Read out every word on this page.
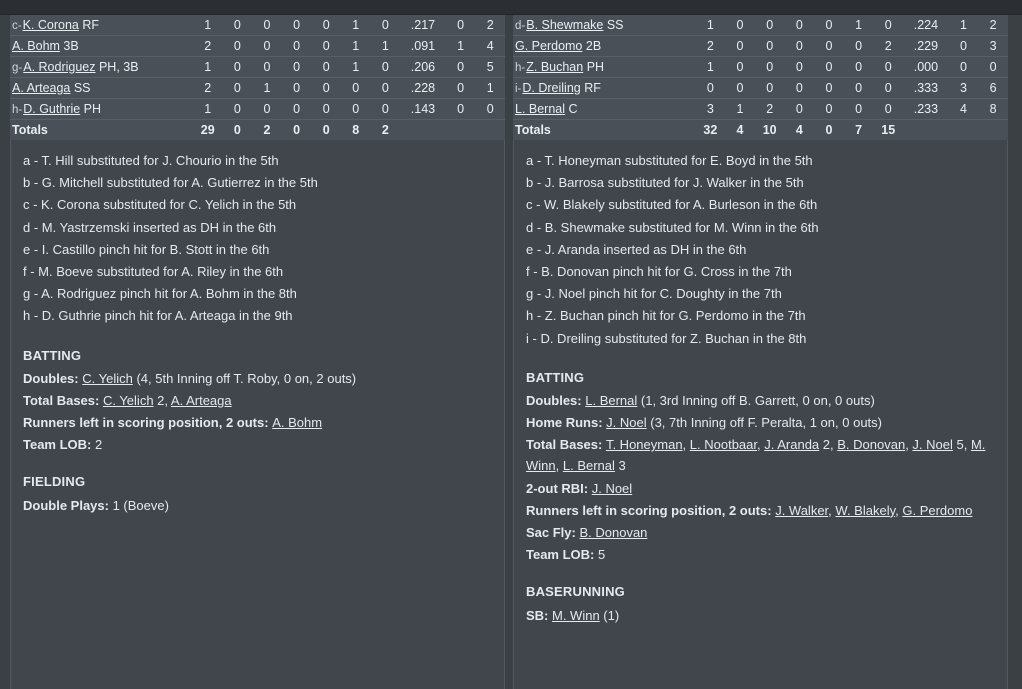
c-K. Corona RF	1	0	0	0	0	1	0	.217	0	2
A. Bohm 3B	2	0	0	0	0	1	1	.091	1	4
g-A. Rodriguez PH, 3B	1	0	0	0	0	1	0	.206	0	5
A. Arteaga SS	2	0	1	0	0	0	0	.228	0	1
h-D. Guthrie PH	1	0	0	0	0	0	0	.143	0	0
Totals	29	0	2	0	0	8	2			
a - T. Hill substituted for J. Chourio in the 5th
b - G. Mitchell substituted for A. Gutierrez in the 5th
c - K. Corona substituted for C. Yelich in the 5th
d - M. Yastrzemski inserted as DH in the 6th
e - I. Castillo pinch hit for B. Stott in the 6th
f - M. Boeve substituted for A. Riley in the 6th
g - A. Rodriguez pinch hit for A. Bohm in the 8th
h - D. Guthrie pinch hit for A. Arteaga in the 9th
BATTING
Doubles: C. Yelich (4, 5th Inning off T. Roby, 0 on, 2 outs)
Total Bases: C. Yelich 2, A. Arteaga
Runners left in scoring position, 2 outs: A. Bohm
Team LOB: 2
FIELDING
Double Plays: 1 (Boeve)
d-B. Shewmake SS	1	0	0	0	0	1	0	.224	1	2
G. Perdomo 2B	2	0	0	0	0	0	2	.229	0	3
h-Z. Buchan PH	1	0	0	0	0	0	0	.000	0	0
i-D. Dreiling RF	0	0	0	0	0	0	0	.333	3	6
L. Bernal C	3	1	2	0	0	0	0	.233	4	8
Totals	32	4	10	4	0	7	15			
a - T. Honeyman substituted for E. Boyd in the 5th
b - J. Barrosa substituted for J. Walker in the 5th
c - W. Blakely substituted for A. Burleson in the 6th
d - B. Shewmake substituted for M. Winn in the 6th
e - J. Aranda inserted as DH in the 6th
f - B. Donovan pinch hit for G. Cross in the 7th
g - J. Noel pinch hit for C. Doughty in the 7th
h - Z. Buchan pinch hit for G. Perdomo in the 7th
i - D. Dreiling substituted for Z. Buchan in the 8th
BATTING
Doubles: L. Bernal (1, 3rd Inning off B. Garrett, 0 on, 0 outs)
Home Runs: J. Noel (3, 7th Inning off F. Peralta, 1 on, 0 outs)
Total Bases: T. Honeyman, L. Nootbaar, J. Aranda 2, B. Donovan, J. Noel 5, M. Winn, L. Bernal 3
2-out RBI: J. Noel
Runners left in scoring position, 2 outs: J. Walker, W. Blakely, G. Perdomo
Sac Fly: B. Donovan
Team LOB: 5
BASERUNNING
SB: M. Winn (1)
